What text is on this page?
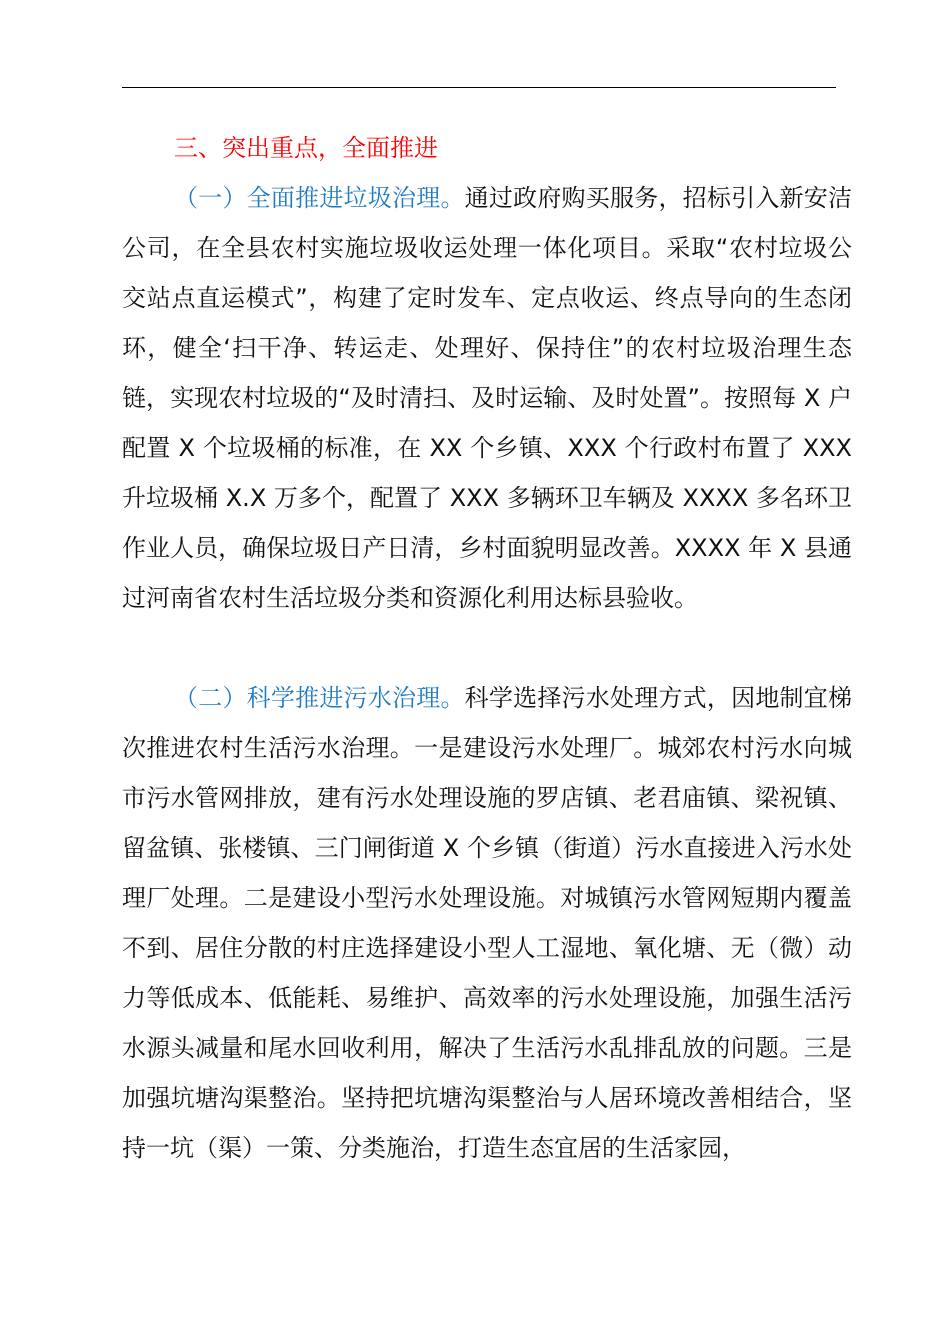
三、突出重点，全面推进

（一）全面推进垃圾治理。通过政府购买服务，招标引入新安洁公司，在全县农村实施垃圾收运处理一体化项目。采取“农村垃圾公交站点直运模式”，构建了定时发车、定点收运、终点导向的生态闭环，健全‘扫干净、转运走、处理好、保持住”的农村垃圾治理生态链，实现农村垃圾的“及时清扫、及时运输、及时处置”。按照每 X 户配置 X 个垃圾桶的标准，在 XX 个乡镇、XXX 个行政村布置了 XXX 升垃圾桶 X.X 万多个，配置了 XXX 多辆环卫车辆及 XXXX 多名环卫作业人员，确保垃圾日产日清，乡村面貌明显改善。XXXX 年 X 县通过河南省农村生活垃圾分类和资源化利用达标县验收。

（二）科学推进污水治理。科学选择污水处理方式，因地制宜梯次推进农村生活污水治理。一是建设污水处理厂。城郊农村污水向城市污水管网排放，建有污水处理设施的罗店镇、老君庙镇、梁祝镇、留盆镇、张楼镇、三门闸街道 X 个乡镇（街道）污水直接进入污水处理厂处理。二是建设小型污水处理设施。对城镇污水管网短期内覆盖不到、居住分散的村庄选择建设小型人工湿地、氧化塘、无（微）动力等低成本、低能耗、易维护、高效率的污水处理设施，加强生活污水源头减量和尾水回收利用，解决了生活污水乱排乱放的问题。三是加强坑塘沟渠整治。坚持把坑塘沟渠整治与人居环境改善相结合，坚持一坑（渠）一策、分类施治，打造生态宜居的生活家园，
